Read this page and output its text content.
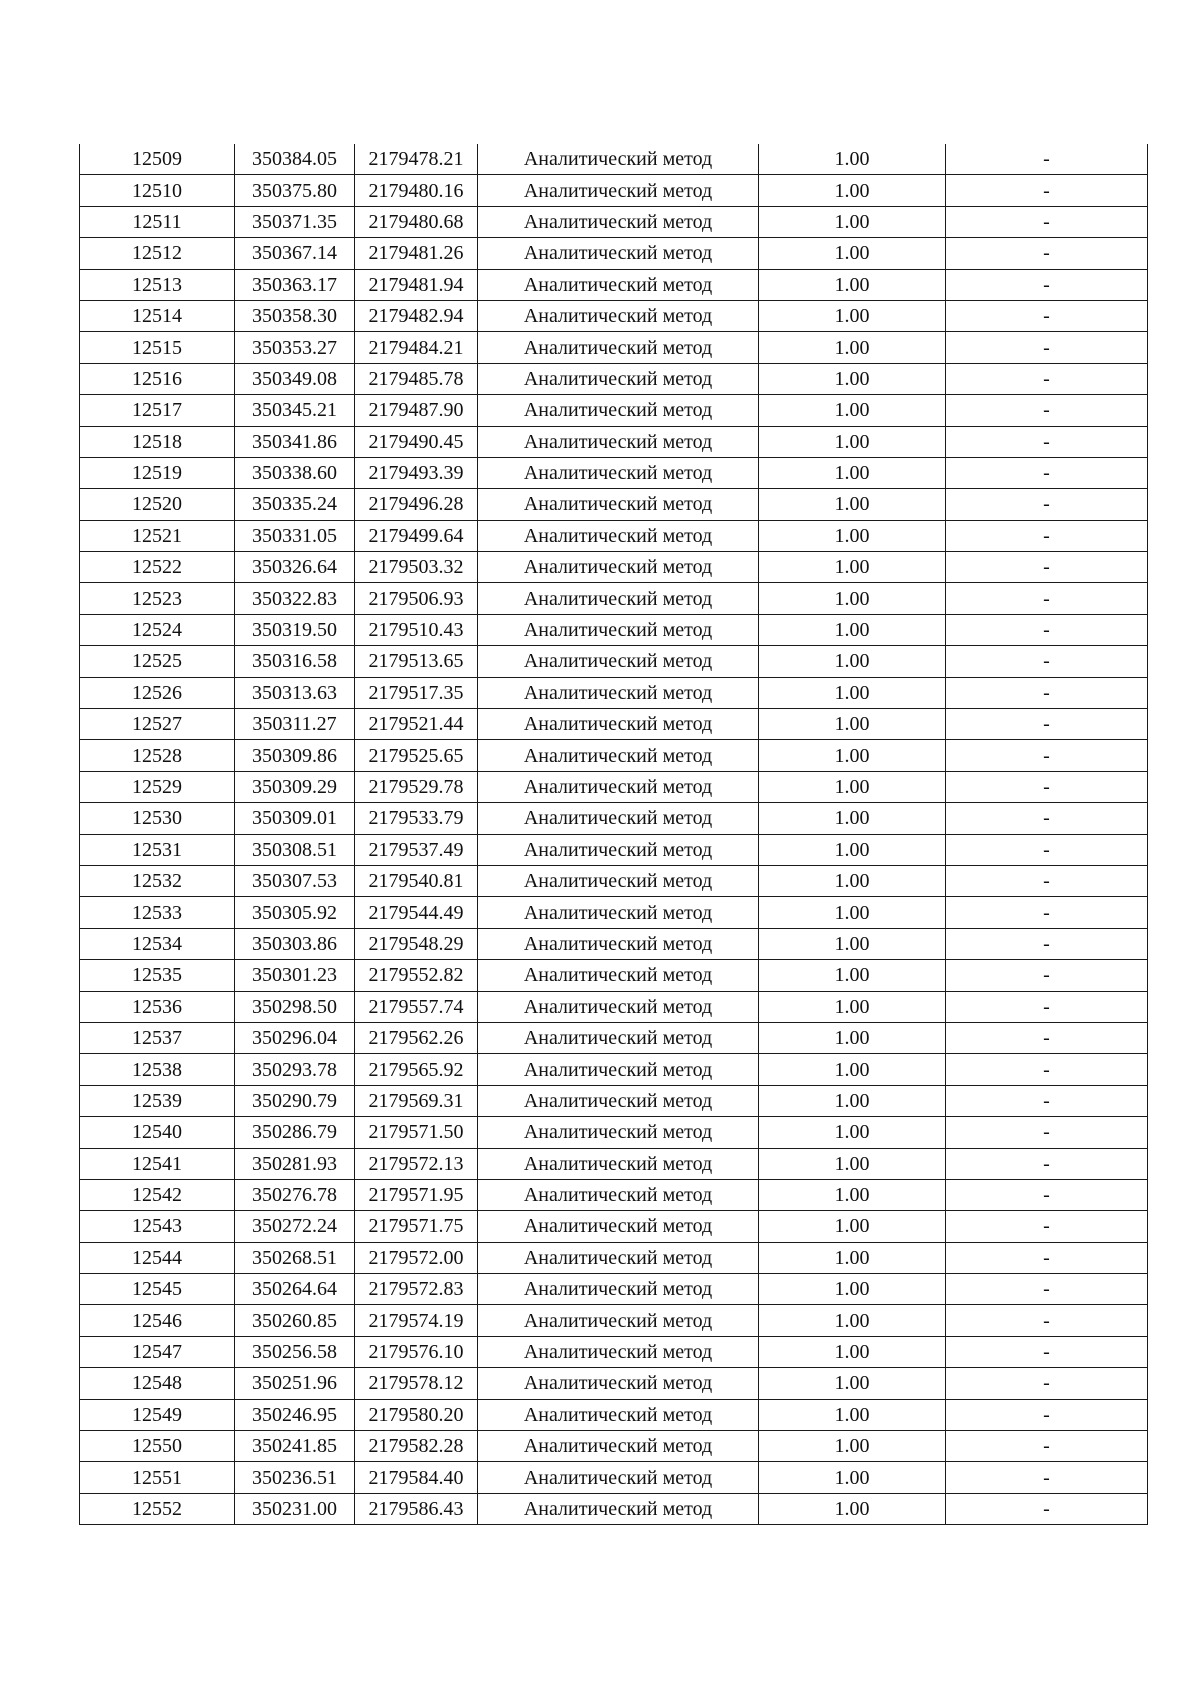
12509	350384.05	2179478.21	Аналитический метод	1.00	-
12510	350375.80	2179480.16	Аналитический метод	1.00	-
12511	350371.35	2179480.68	Аналитический метод	1.00	-
12512	350367.14	2179481.26	Аналитический метод	1.00	-
12513	350363.17	2179481.94	Аналитический метод	1.00	-
12514	350358.30	2179482.94	Аналитический метод	1.00	-
12515	350353.27	2179484.21	Аналитический метод	1.00	-
12516	350349.08	2179485.78	Аналитический метод	1.00	-
12517	350345.21	2179487.90	Аналитический метод	1.00	-
12518	350341.86	2179490.45	Аналитический метод	1.00	-
12519	350338.60	2179493.39	Аналитический метод	1.00	-
12520	350335.24	2179496.28	Аналитический метод	1.00	-
12521	350331.05	2179499.64	Аналитический метод	1.00	-
12522	350326.64	2179503.32	Аналитический метод	1.00	-
12523	350322.83	2179506.93	Аналитический метод	1.00	-
12524	350319.50	2179510.43	Аналитический метод	1.00	-
12525	350316.58	2179513.65	Аналитический метод	1.00	-
12526	350313.63	2179517.35	Аналитический метод	1.00	-
12527	350311.27	2179521.44	Аналитический метод	1.00	-
12528	350309.86	2179525.65	Аналитический метод	1.00	-
12529	350309.29	2179529.78	Аналитический метод	1.00	-
12530	350309.01	2179533.79	Аналитический метод	1.00	-
12531	350308.51	2179537.49	Аналитический метод	1.00	-
12532	350307.53	2179540.81	Аналитический метод	1.00	-
12533	350305.92	2179544.49	Аналитический метод	1.00	-
12534	350303.86	2179548.29	Аналитический метод	1.00	-
12535	350301.23	2179552.82	Аналитический метод	1.00	-
12536	350298.50	2179557.74	Аналитический метод	1.00	-
12537	350296.04	2179562.26	Аналитический метод	1.00	-
12538	350293.78	2179565.92	Аналитический метод	1.00	-
12539	350290.79	2179569.31	Аналитический метод	1.00	-
12540	350286.79	2179571.50	Аналитический метод	1.00	-
12541	350281.93	2179572.13	Аналитический метод	1.00	-
12542	350276.78	2179571.95	Аналитический метод	1.00	-
12543	350272.24	2179571.75	Аналитический метод	1.00	-
12544	350268.51	2179572.00	Аналитический метод	1.00	-
12545	350264.64	2179572.83	Аналитический метод	1.00	-
12546	350260.85	2179574.19	Аналитический метод	1.00	-
12547	350256.58	2179576.10	Аналитический метод	1.00	-
12548	350251.96	2179578.12	Аналитический метод	1.00	-
12549	350246.95	2179580.20	Аналитический метод	1.00	-
12550	350241.85	2179582.28	Аналитический метод	1.00	-
12551	350236.51	2179584.40	Аналитический метод	1.00	-
12552	350231.00	2179586.43	Аналитический метод	1.00	-
